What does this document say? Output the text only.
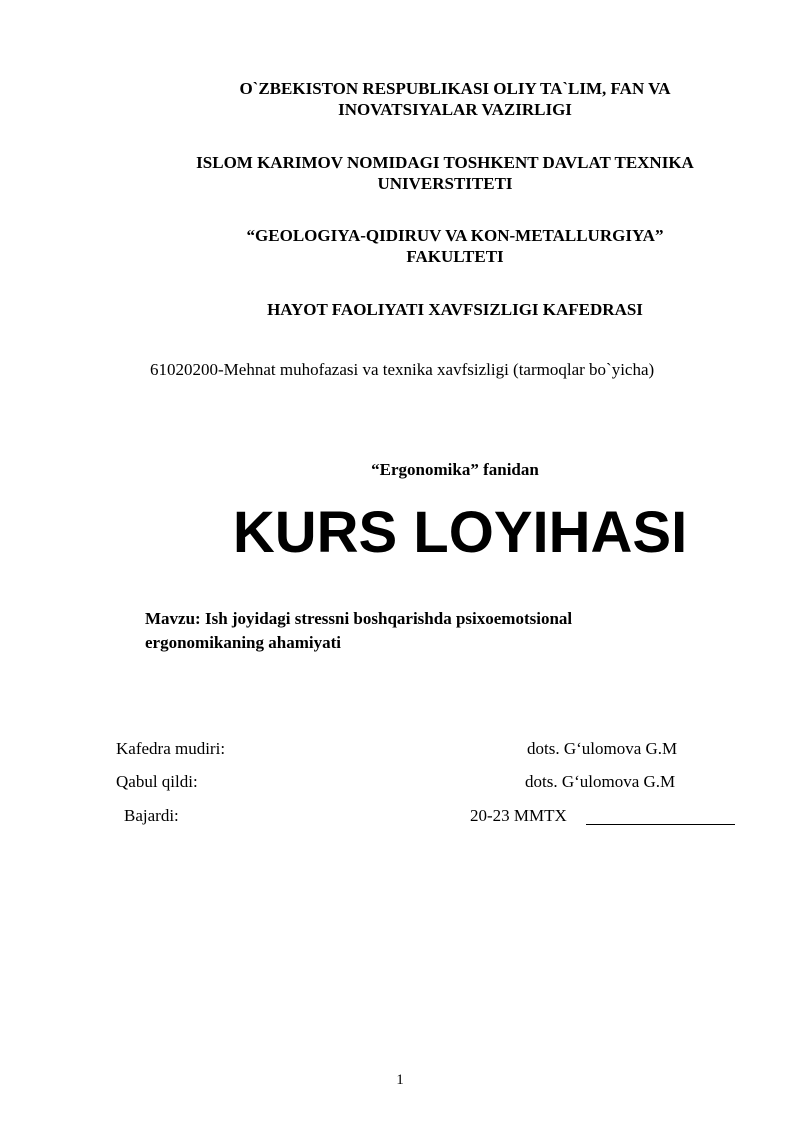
O`ZBEKISTON RESPUBLIKASI OLIY TA`LIM, FAN VA
INOVATSIYALAR VAZIRLIGI
ISLOM KARIMOV NOMIDAGI TOSHKENT DAVLAT TEXNIKA
UNIVERSTITETI
“GEOLOGIYA-QIDIRUV VA KON-METALLURGIYA”
FAKULTETI
HAYOT FAOLIYATI XAVFSIZLIGI KAFEDRASI
61020200-Mehnat muhofazasi va texnika xavfsizligi (tarmoqlar bo`yicha)
“Ergonomika” fanidan
KURS LOYIHASI
Mavzu: Ish joyidagi stressni boshqarishda psixoemotsional
ergonomikaning ahamiyati
Kafedra mudiri:	dots. G‘ulomova G.M
Qabul qildi:	dots. G‘ulomova G.M
Bajardi:	20-23 MMTX
1
